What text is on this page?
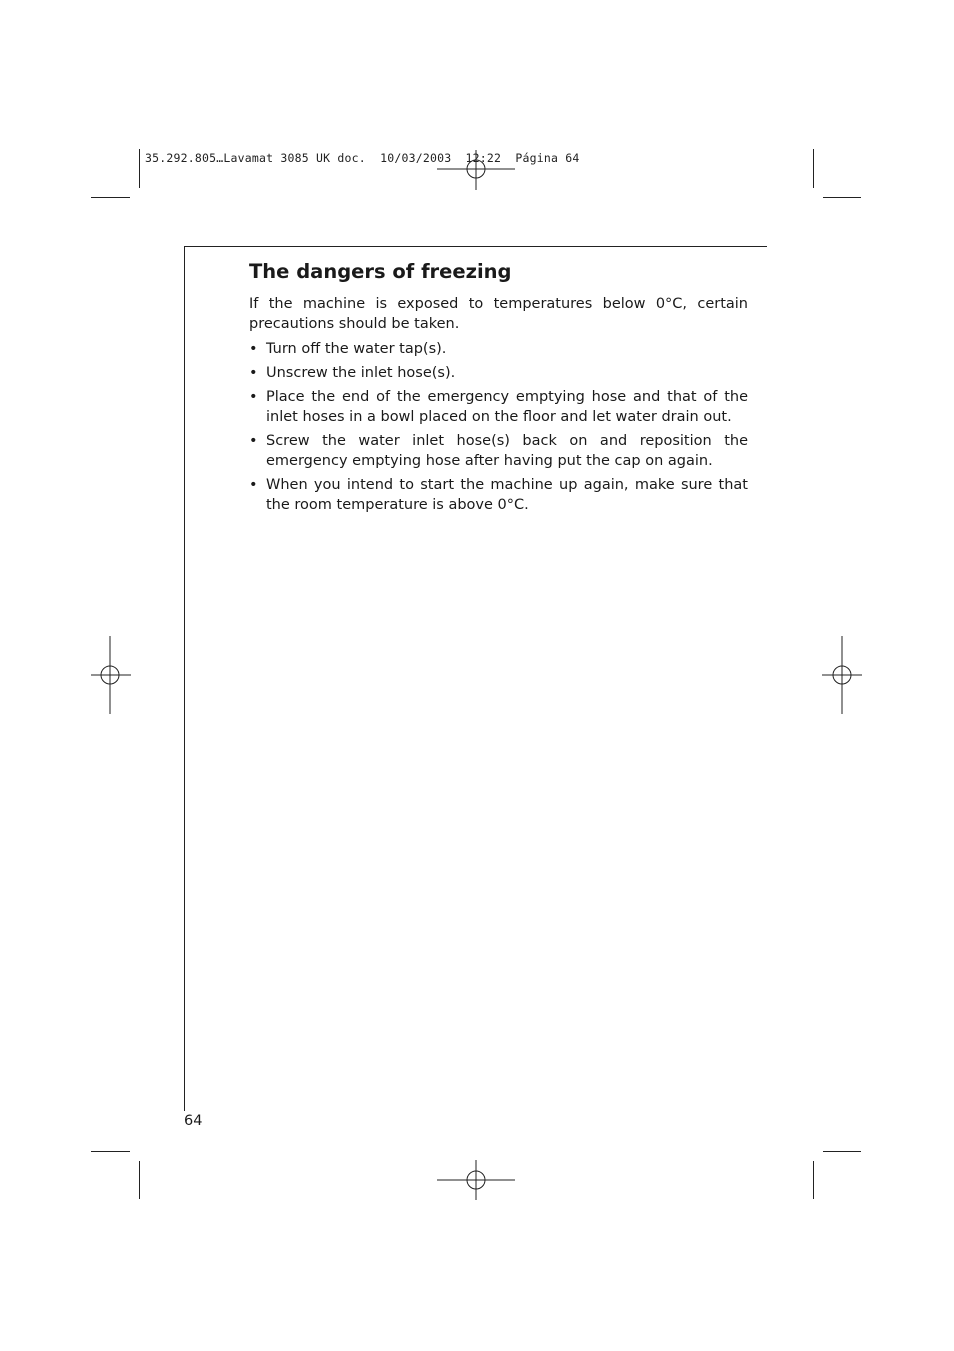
35.292.805…Lavamat 3085 UK doc.  10/03/2003  12:22  Página 64
The dangers of freezing

If the machine is exposed to temperatures below 0°C, certain precautions should be taken.

• Turn off the water tap(s).
• Unscrew the inlet hose(s).
• Place the end of the emergency emptying hose and that of the inlet hoses in a bowl placed on the floor and let water drain out.
• Screw the water inlet hose(s) back on and reposition the emergency emptying hose after having put the cap on again.
• When you intend to start the machine up again, make sure that the room temperature is above 0°C.
64
